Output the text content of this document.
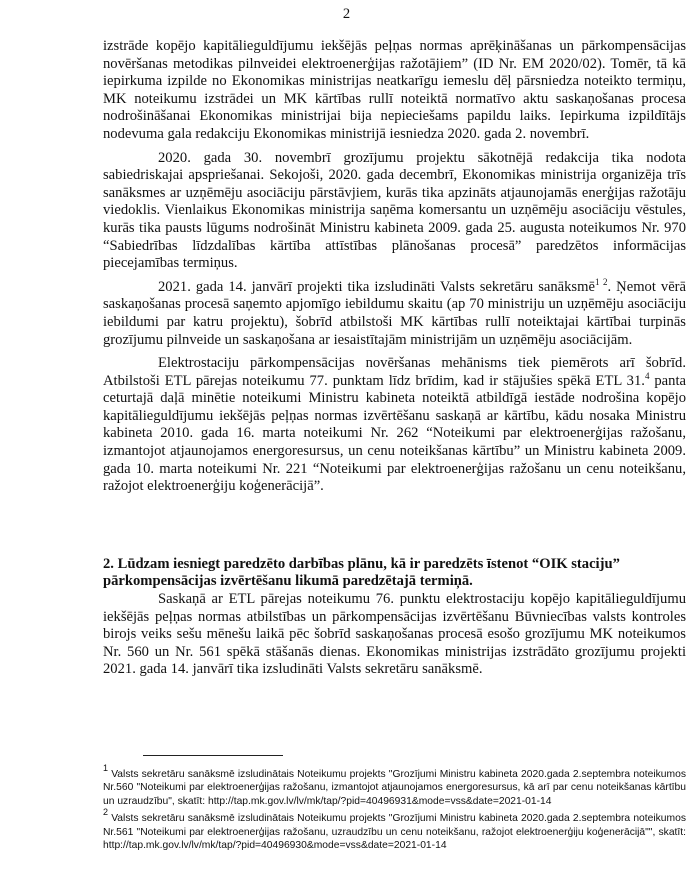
2

izstrāde kopējo kapitālieguldījumu iekšējās peļņas normas aprēķināšanas un pārkompensācijas novēršanas metodikas pilnveidei elektroenerģijas ražotājiem” (ID Nr. EM 2020/02). Tomēr, tā kā iepirkuma izpilde no Ekonomikas ministrijas neatkarīgu iemeslu dēļ pārsniedza noteikto termiņu, MK noteikumu izstrādei un MK kārtības rullī noteiktā normatīvo aktu saskaņošanas procesa nodrošināšanai Ekonomikas ministrijai bija nepieciešams papildu laiks. Iepirkuma izpildītājs nodevuma gala redakciju Ekonomikas ministrijā iesniedza 2020. gada 2. novembrī.

2020. gada 30. novembrī grozījumu projektu sākotnējā redakcija tika nodota sabiedriskajai apspriešanai. Sekojoši, 2020. gada decembrī, Ekonomikas ministrija organizēja trīs sanāksmes ar uzņēmēju asociāciju pārstāvjiem, kurās tika apzināts atjaunojamās enerģijas ražotāju viedoklis. Vienlaikus Ekonomikas ministrija saņēma komersantu un uzņēmēju asociāciju vēstules, kurās tika pausts lūgums nodrošināt Ministru kabineta 2009. gada 25. augusta noteikumos Nr. 970 “Sabiedrības līdzdalības kārtība attīstības plānošanas procesā” paredzētos informācijas piecejamības termiņus.

2021. gada 14. janvārī projekti tika izsludināti Valsts sekretāru sanāksmē$^{1 2}$. Ņemot vērā saskaņošanas procesā saņemto apjomīgo iebildumu skaitu (ap 70 ministriju un uzņēmēju asociāciju iebildumi par katru projektu), šobrīd atbilstoši MK kārtības rullī noteiktajai kārtībai turpinās grozījumu pilnveide un saskaņošana ar iesaistītajām ministrijām un uzņēmēju asociācijām.

Elektrostaciju pārkompensācijas novēršanas mehānisms tiek piemērots arī šobrīd. Atbilstoši ETL pārejas noteikumu 77. punktam līdz brīdim, kad ir stājušies spēkā ETL 31.$^4$ panta ceturtajā daļā minētie noteikumi Ministru kabineta noteiktā atbildīgā iestāde nodrošina kopējo kapitālieguldījumu iekšējās peļņas normas izvērtēšanu saskaņā ar kārtību, kādu nosaka Ministru kabineta 2010. gada 16. marta noteikumi Nr. 262 “Noteikumi par elektroenerģijas ražošanu, izmantojot atjaunojamos energoresursus, un cenu noteikšanas kārtību” un Ministru kabineta 2009. gada 10. marta noteikumi Nr. 221 “Noteikumi par elektroenerģijas ražošanu un cenu noteikšanu, ražojot elektroenerģiju koģenerācijā”.

2. Lūdzam iesniegt paredzēto darbības plānu, kā ir paredzēts īstenot “OIK staciju” pārkompensācijas izvērtēšanu likumā paredzētajā termiņā.

Saskaņā ar ETL pārejas noteikumu 76. punktu elektrostaciju kopējo kapitālieguldījumu iekšējās peļņas normas atbilstības un pārkompensācijas izvērtēšanu Būvniecības valsts kontroles birojs veiks sešu mēnešu laikā pēc šobrīd saskaņošanas procesā esošo grozījumu MK noteikumos Nr. 560 un Nr. 561 spēkā stāšanās dienas. Ekonomikas ministrijas izstrādāto grozījumu projekti 2021. gada 14. janvārī tika izsludināti Valsts sekretāru sanāksmē.

$^1$ Valsts sekretāru sanāksmē izsludinātais Noteikumu projekts "Grozījumi Ministru kabineta 2020.gada 2.septembra noteikumos Nr.560 "Noteikumi par elektroenerģijas ražošanu, izmantojot atjaunojamos energoresursus, kā arī par cenu noteikšanas kārtību un uzraudzību", skatīt: http://tap.mk.gov.lv/lv/mk/tap/?pid=40496931&mode=vss&date=2021-01-14

$^2$ Valsts sekretāru sanāksmē izsludinātais Noteikumu projekts "Grozījumi Ministru kabineta 2020.gada 2.septembra noteikumos Nr.561 "Noteikumi par elektroenerģijas ražošanu, uzraudzību un cenu noteikšanu, ražojot elektroenerģiju koģenerācijā"", skatīt: http://tap.mk.gov.lv/lv/mk/tap/?pid=40496930&mode=vss&date=2021-01-14
